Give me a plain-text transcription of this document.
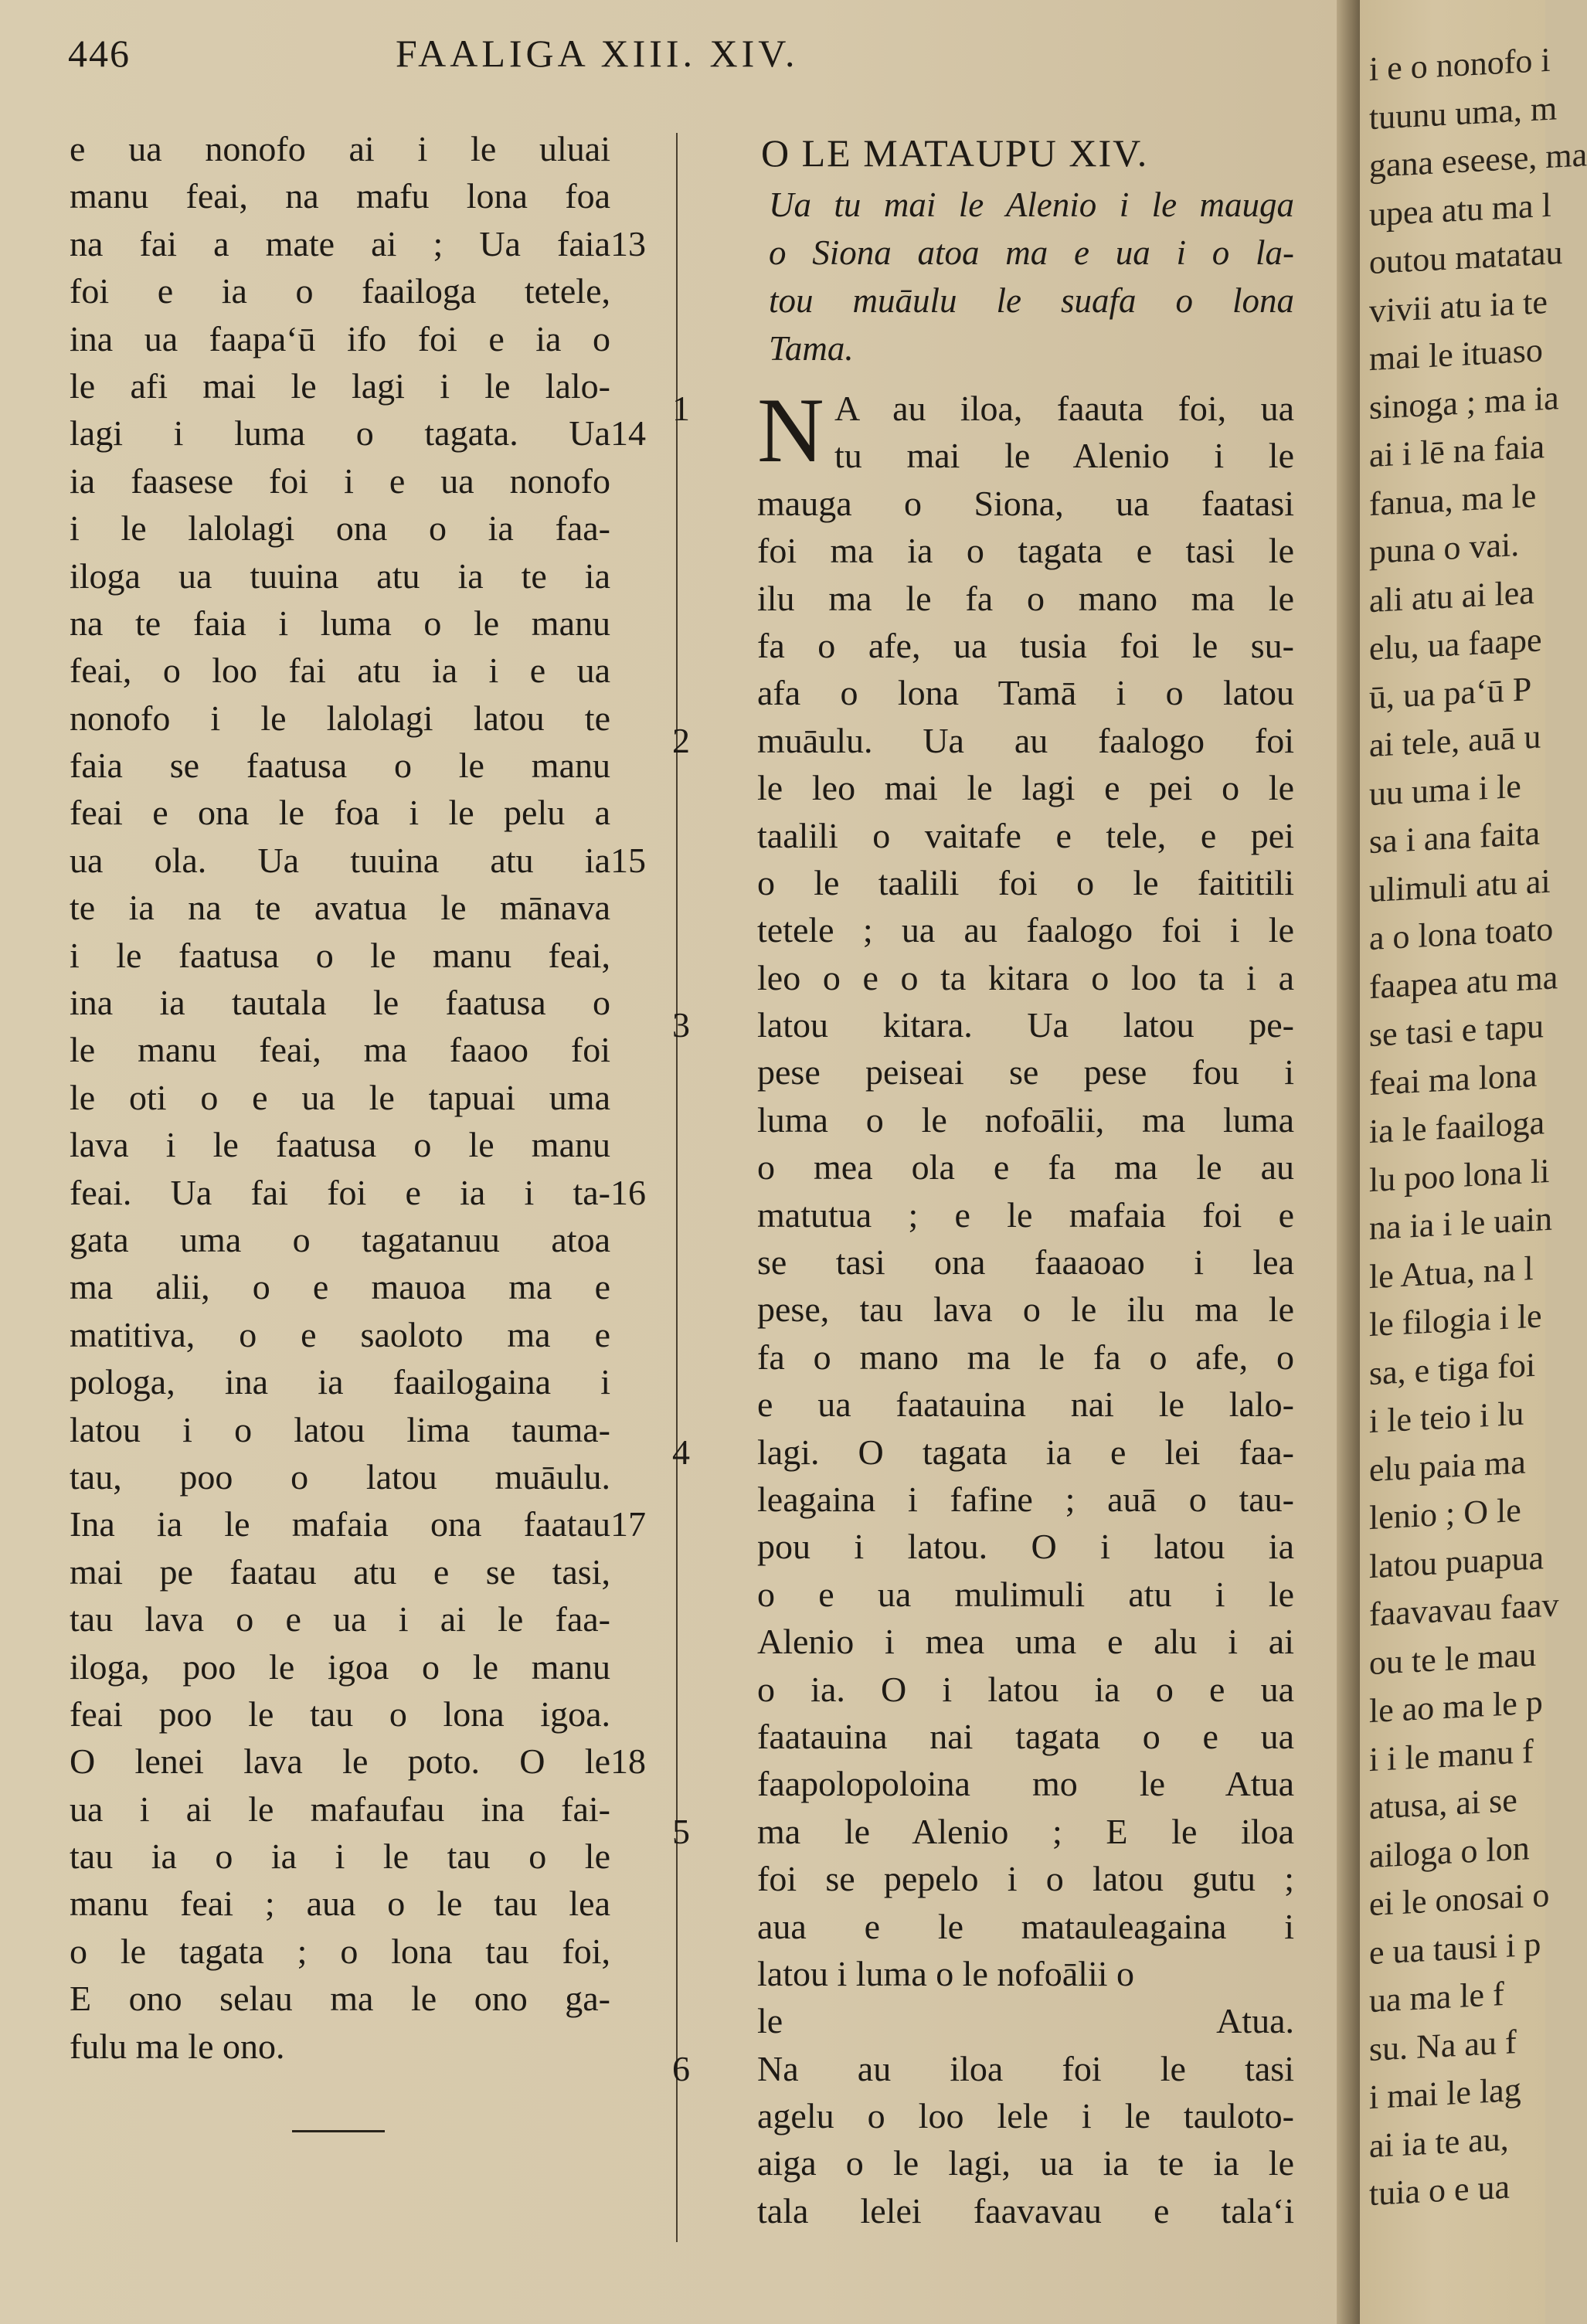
446	FAALIGA XIII. XIV.
e ua nonofo ai i le uluai
manu feai, na mafu lona foa
na fai a mate ai ; Ua faia 13
foi e ia o faailoga tetele,
ina ua faapaʻū ifo foi e ia o
le afi mai le lagi i le lalo-
lagi i luma o tagata. Ua 14
ia faasese foi i e ua nonofo
i le lalolagi ona o ia faa-
iloga ua tuuina atu ia te ia
na te faia i luma o le manu
feai, o loo fai atu ia i e ua
nonofo i le lalolagi latou te
faia se faatusa o le manu
feai e ona le foa i le pelu a
ua ola. Ua tuuina atu ia 15
te ia na te avatua le mānava
i le faatusa o le manu feai,
ina ia tautala le faatusa o
le manu feai, ma faaoo foi
le oti o e ua le tapuai uma
lava i le faatusa o le manu
feai. Ua fai foi e ia i ta- 16
gata uma o tagatanuu atoa
ma alii, o e mauoa ma e
matitiva, o e saoloto ma e
pologa, ina ia faailogaina i
latou i o latou lima tauma-
tau, poo o latou muāulu.
Ina ia le mafaia ona faatau 17
mai pe faatau atu e se tasi,
tau lava o e ua i ai le faa-
iloga, poo le igoa o le manu
feai poo le tau o lona igoa.
O lenei lava le poto. O le 18
ua i ai le mafaufau ina fai-
tau ia o ia i le tau o le
manu feai ; aua o le tau lea
o le tagata ; o lona tau foi,
E ono selau ma le ono ga-
fulu ma le ono.
O LE MATAUPU XIV.
Ua tu mai le Alenio i le mauga
o Siona atoa ma e ua i o la-
tou muāulu le suafa o lona
Tama.
1 N A au iloa, faauta foi, ua
tu mai le Alenio i le
mauga o Siona, ua faatasi
foi ma ia o tagata e tasi le
ilu ma le fa o mano ma le
fa o afe, ua tusia foi le su-
afa o lona Tamā i o latou
2	muāulu. Ua au faalogo foi
le leo mai le lagi e pei o le
taalili o vaitafe e tele, e pei
o le taalili foi o le faititili
tetele ; ua au faalogo foi i le
leo o e o ta kitara o loo ta i a
3	latou kitara. Ua latou pe-
pese peiseai se pese fou i
luma o le nofoālii, ma luma
o mea ola e fa ma le au
matutua ; e le mafaia foi e
se tasi ona faaaoao i lea
pese, tau lava o le ilu ma le
fa o mano ma le fa o afe, o
e ua faatauina nai le lalo-
4	lagi. O tagata ia e lei faa-
leagaina i fafine ; auā o tau-
pou i latou. O i latou ia
o e ua mulimuli atu i le
Alenio i mea uma e alu i ai
o ia. O i latou ia o e ua
faatauina nai tagata o e ua
faapolopoloina mo le Atua
5	ma le Alenio ; E le iloa
foi se pepelo i o latou gutu ;
aua e le matauleagaina i
latou i luma o le nofoālii o
le Atua.
6	Na au iloa foi le tasi
agelu o loo lele i le tauloto-
aiga o le lagi, ua ia te ia le
tala lelei faavavau e talaʻi
i e o nonofo i
tuunu uma, m
gana eseese, ma
upea atu ma l
outou matatau
vivii atu ia te
mai le ituaso
sinoga ; ma ia
ai i lē na faia
fanua, ma le
puna o vai.
ali atu ai lea
elu, ua faape
ū, ua paʻū P
ai tele, auā u
uu uma i le
sa i ana faita
ulimuli atu ai
a o lona toato
faapea atu ma
se tasi e tapu
feai ma lona
ia le faailoga
lu poo lona li
na ia i le uain
le Atua, na l
le filogia i le
sa, e tiga foi
i le teio i lu
elu paia ma
lenio ; O le
latou puapua
faavavau faav
ou te le mau
le ao ma le p
i i le manu f
atusa, ai se
ailoga o lon
ei le onosai o
e ua tausi i p
ua ma le f
su. Na au f
i mai le lag
ai ia te au,
tuia o e ua
